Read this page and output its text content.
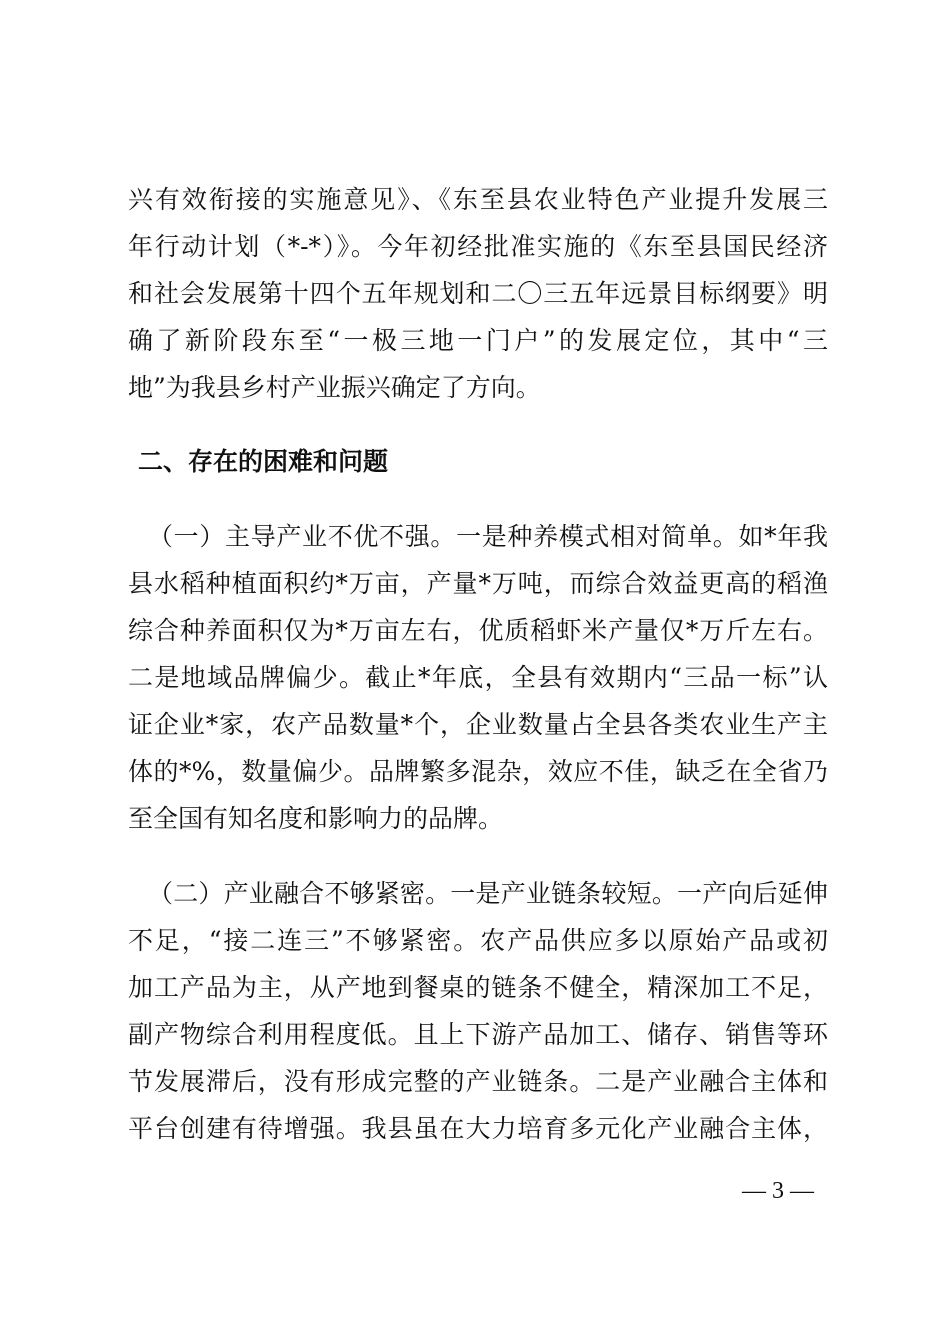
兴有效衔接的实施意见》、《东至县农业特色产业提升发展三
年行动计划（*-*）》。今年初经批准实施的《东至县国民经济
和社会发展第十四个五年规划和二〇三五年远景目标纲要》明
确了新阶段东至“一极三地一门户”的发展定位，其中“三
地”为我县乡村产业振兴确定了方向。
二、存在的困难和问题
（一）主导产业不优不强。一是种养模式相对简单。如*年我
县水稻种植面积约*万亩，产量*万吨，而综合效益更高的稻渔
综合种养面积仅为*万亩左右，优质稻虾米产量仅*万斤左右。
二是地域品牌偏少。截止*年底，全县有效期内“三品一标”认
证企业*家，农产品数量*个，企业数量占全县各类农业生产主
体的*%，数量偏少。品牌繁多混杂，效应不佳，缺乏在全省乃
至全国有知名度和影响力的品牌。
（二）产业融合不够紧密。一是产业链条较短。一产向后延伸
不足，“接二连三”不够紧密。农产品供应多以原始产品或初
加工产品为主，从产地到餐桌的链条不健全，精深加工不足，
副产物综合利用程度低。且上下游产品加工、储存、销售等环
节发展滞后，没有形成完整的产业链条。二是产业融合主体和
平台创建有待增强。我县虽在大力培育多元化产业融合主体，
— 3 —
